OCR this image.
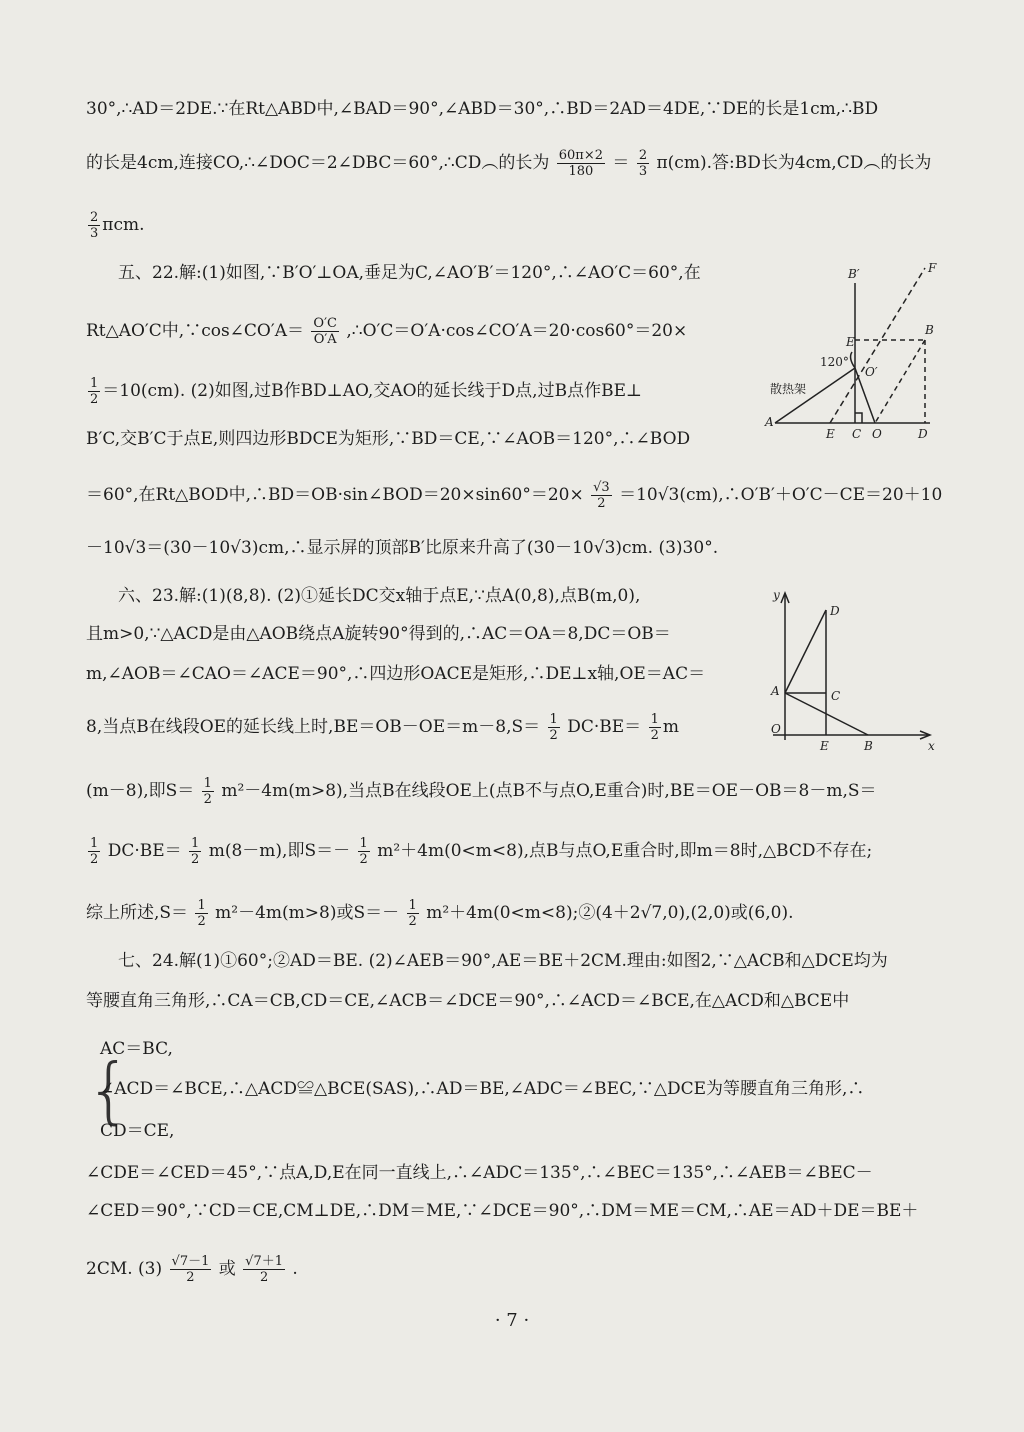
30°,∴AD＝2DE.∵在Rt△ABD中,∠BAD＝90°,∠ABD＝30°,∴BD＝2AD＝4DE,∵DE的长是1cm,∴BD
的长是4cm,连接CO,∴∠DOC＝2∠DBC＝60°,∴CD︵的长为 $\frac{60\pi\times 2}{180} = \frac{2}{3} \pi(cm)$.答:BD长为4cm,CD︵的长为
$\frac{2}{3} \pi cm$.
五、22.解:(1)如图,∵B′O′⊥OA,垂足为C,∠AO′B′＝120°,∴∠AO′C＝60°,在
Rt△AO′C中,∵cos∠CO′A＝ $\frac{O'C}{O'A}$ ,∴O′C＝O′A·cos∠CO′A＝20·cos60°＝20×
$\frac{1}{2} =10(cm)$. (2)如图,过B作BD⊥AO,交AO的延长线于D点,过B点作BE⊥
B′C,交B′C于点E,则四边形BDCE为矩形,∵BD＝CE,∵∠AOB＝120°,∴∠BOD
＝60°,在Rt△BOD中,∴BD＝OB·sin∠BOD＝20×sin60°＝20× $\frac{√3}{2}$ ＝10√3(cm),∴O′B′＋O′C－CE＝20＋10
－10√3＝(30－10√3)cm,∴显示屏的顶部B′比原来升高了(30－10√3)cm. (3)30°.
六、23.解:(1)(8,8). (2)①延长DC交x轴于点E,∵点A(0,8),点B(m,0),
且m>0,∵△ACD是由△AOB绕点A旋转90°得到的,∴AC＝OA＝8,DC＝OB＝
m,∠AOB＝∠CAO＝∠ACE＝90°,∴四边形OACE是矩形,∴DE⊥x轴,OE＝AC＝
8,当点B在线段OE的延长线上时$,BE=OB-OE=m-8,S= \frac{1}{2} DC\cdot BE= \frac{1}{2}$ m
(m－8),即$S= \frac{1}{2} m^2-4m(m>8)$,当点B在线段OE上(点B不与点O,E重合)时,BE＝OE－OB＝8－m,S＝
$\frac{1}{2} DC\cdot BE= \frac{1}{2} m(8-m)$,即$S=- \frac{1}{2} m^2+4m(0<m<8)$,点B与点O,E重合时,即m＝8时,△BCD不存在;
综上所述$,S= \frac{1}{2} m^2-4m(m>8)$或$S=- \frac{1}{2}$ m²＋4m(0<m<8);②(4＋2√7,0),(2,0)或(6,0).
七、24.解(1)①60°;②AD＝BE. (2)∠AEB＝90°,AE＝BE＋2CM.理由:如图2,∵△ACB和△DCE均为
等腰直角三角形,∴CA＝CB,CD＝CE,∠ACB＝∠DCE＝90°,∴∠ACD＝∠BCE,在△ACD和△BCE中
{
AC＝BC,
∠ACD＝∠BCE,∴△ACD≌△BCE(SAS),∴AD＝BE,∠ADC＝∠BEC,∵△DCE为等腰直角三角形,∴
CD＝CE,
∠CDE＝∠CED＝45°,∵点A,D,E在同一直线上,∴∠ADC＝135°,∴∠BEC＝135°,∴∠AEB＝∠BEC－
∠CED＝90°,∵CD＝CE,CM⊥DE,∴DM＝ME,∵∠DCE＝90°,∴DM＝ME＝CM,∴AE＝AD＋DE＝BE＋
2CM. $(3) \frac{√7-1}{2}$ 或 $\frac{√7+1}{2}$ .
B′	F
E
B
120°
O′
散热架
A
E C O	D
y
D
A	C
O
E	B	x
· 7 ·
